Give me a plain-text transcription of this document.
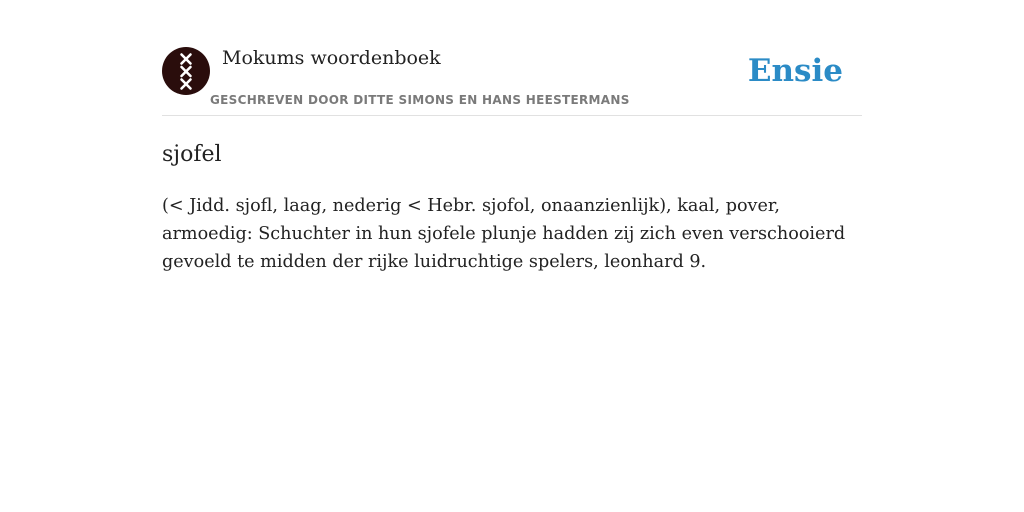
Mokums woordenboek
GESCHREVEN DOOR DITTE SIMONS EN HANS HEESTERMANS
Ensie
sjofel
(< Jidd. sjofl, laag, nederig < Hebr. sjofol, onaanzienlijk), kaal, pover, armoedig: Schuchter in hun sjofele plunje hadden zij zich even verschooierd gevoeld te midden der rijke luidruchtige spelers, leonhard 9.
